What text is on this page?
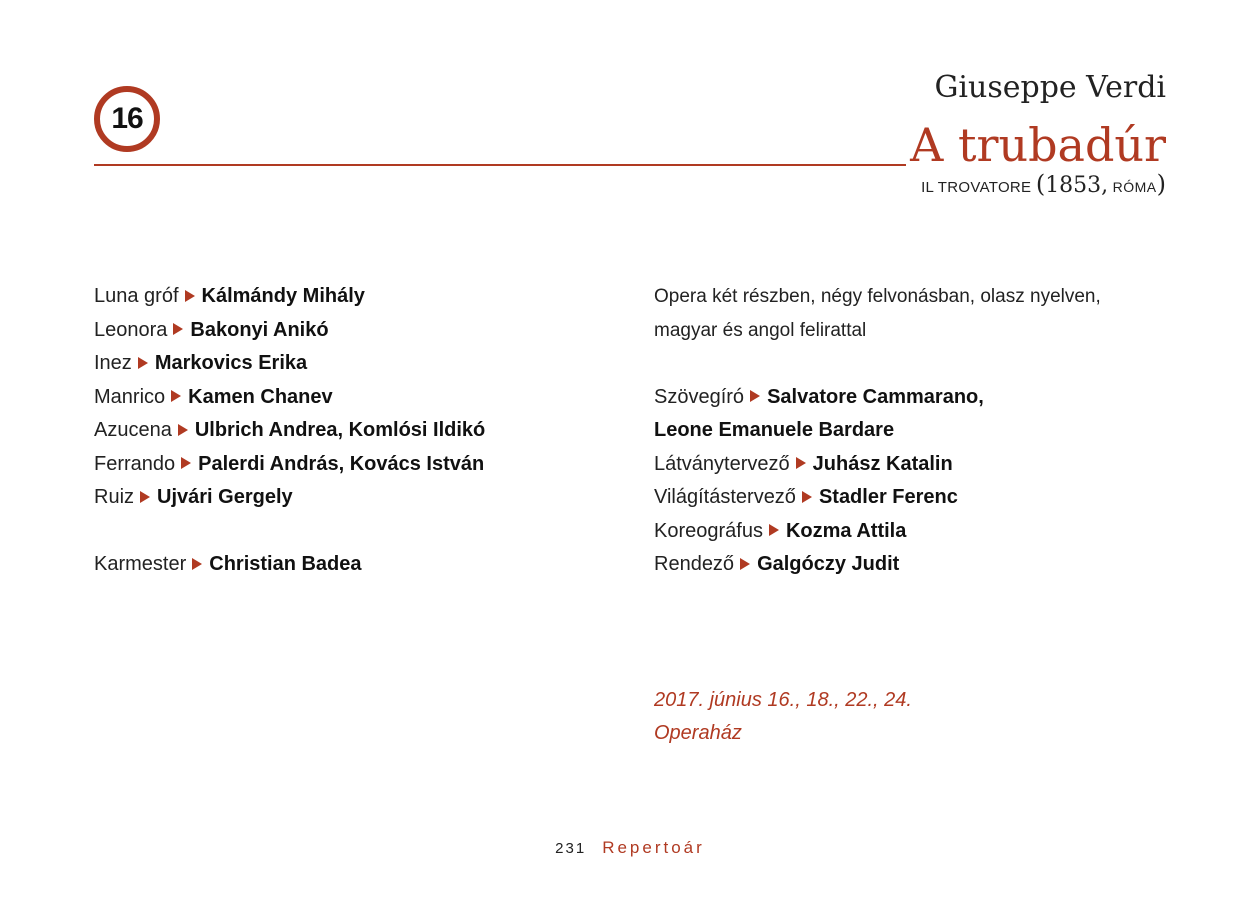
16
Giuseppe Verdi
A trubadúr
IL TROVATORE (1853, RÓMA)
Luna gróf Kálmándy Mihály
Leonora Bakonyi Anikó
Inez Markovics Erika
Manrico Kamen Chanev
Azucena Ulbrich Andrea, Komlósi Ildikó
Ferrando Palerdi András, Kovács István
Ruiz Ujvári Gergely
Karmester Christian Badea
Opera két részben, négy felvonásban, olasz nyelven,
magyar és angol felirattal
Szövegíró Salvatore Cammarano,
Leone Emanuele Bardare
Látványtervező Juhász Katalin
Világítástervező Stadler Ferenc
Koreográfus Kozma Attila
Rendező Galgóczy Judit
2017. június 16., 18., 22., 24.
Operaház
231 Repertoár
